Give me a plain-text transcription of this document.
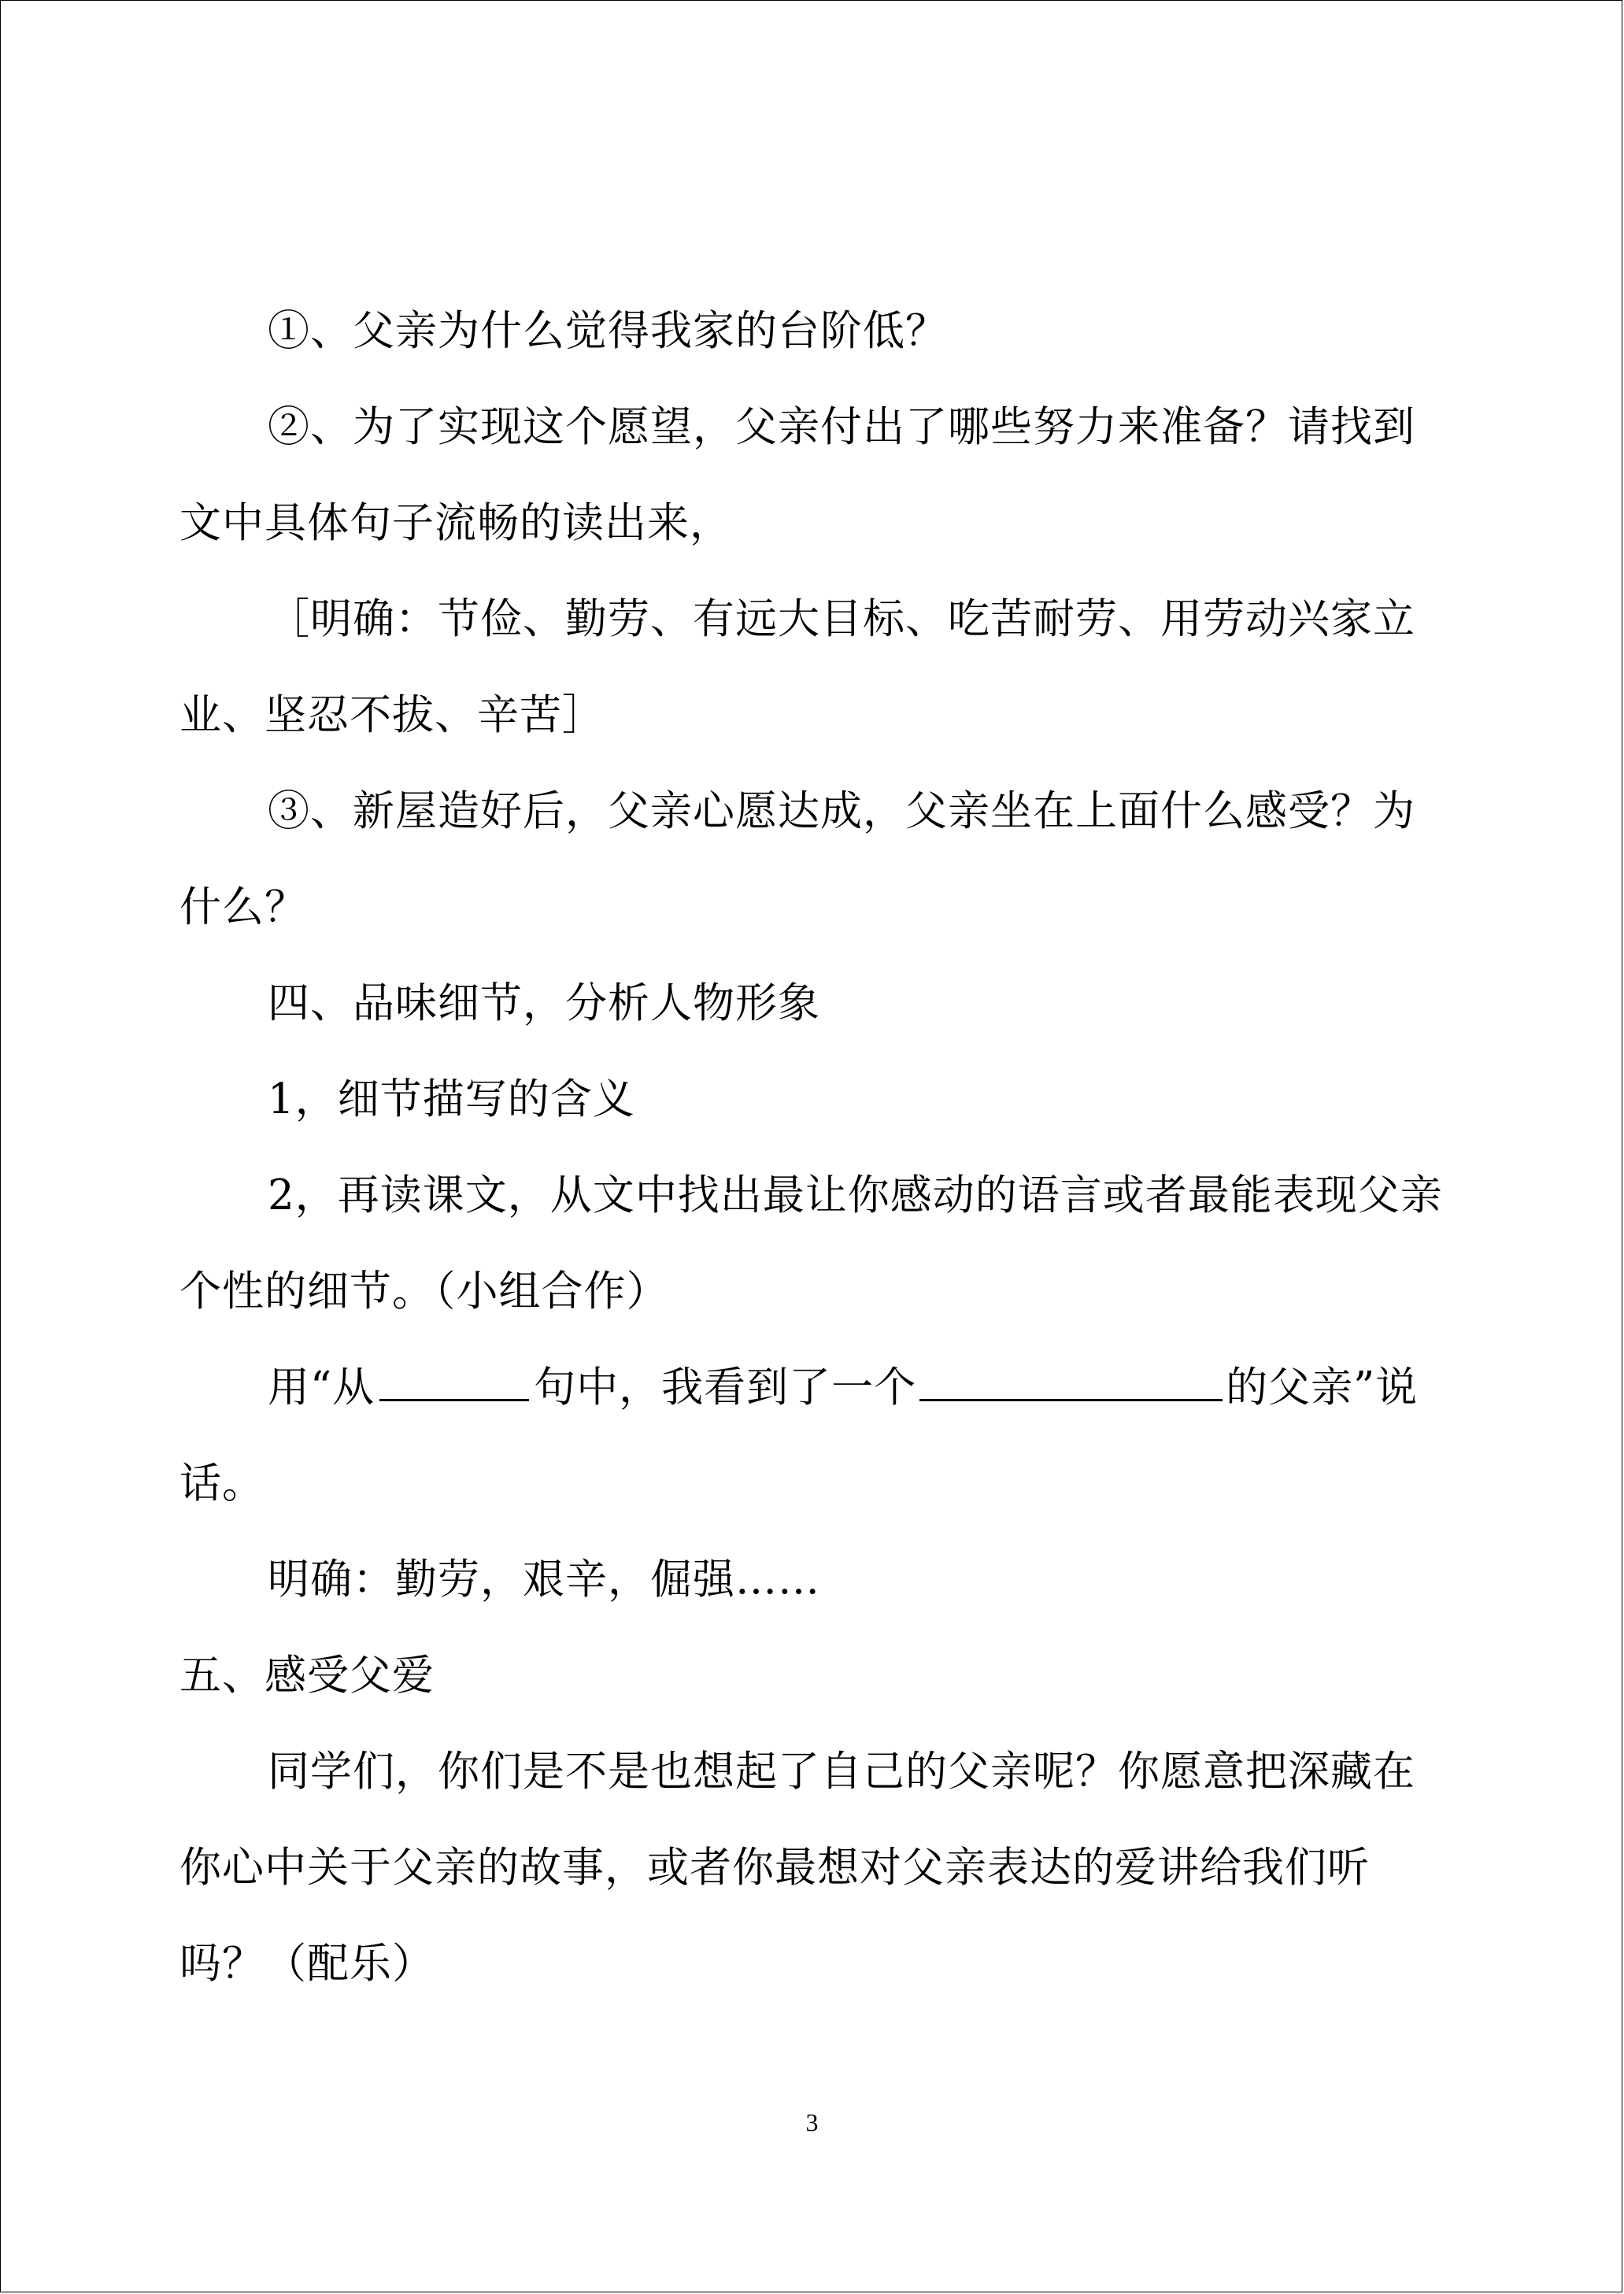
①、父亲为什么觉得我家的台阶低？

②、为了实现这个愿望，父亲付出了哪些努力来准备？请找到文中具体句子流畅的读出来，

［明确：节俭、勤劳、有远大目标、吃苦耐劳、用劳动兴家立业、坚忍不拔、辛苦］

③、新屋造好后，父亲心愿达成，父亲坐在上面什么感受？为什么？

四、品味细节，分析人物形象

1，细节描写的含义

2，再读课文，从文中找出最让你感动的语言或者最能表现父亲个性的细节。（小组合作）

用“从	句中，我看到了一个	的父亲”说话。

明确：勤劳，艰辛，倔强……

五、感受父爱

同学们，你们是不是也想起了自己的父亲呢？你愿意把深藏在你心中关于父亲的故事，或者你最想对父亲表达的爱讲给我们听吗？（配乐）

3
